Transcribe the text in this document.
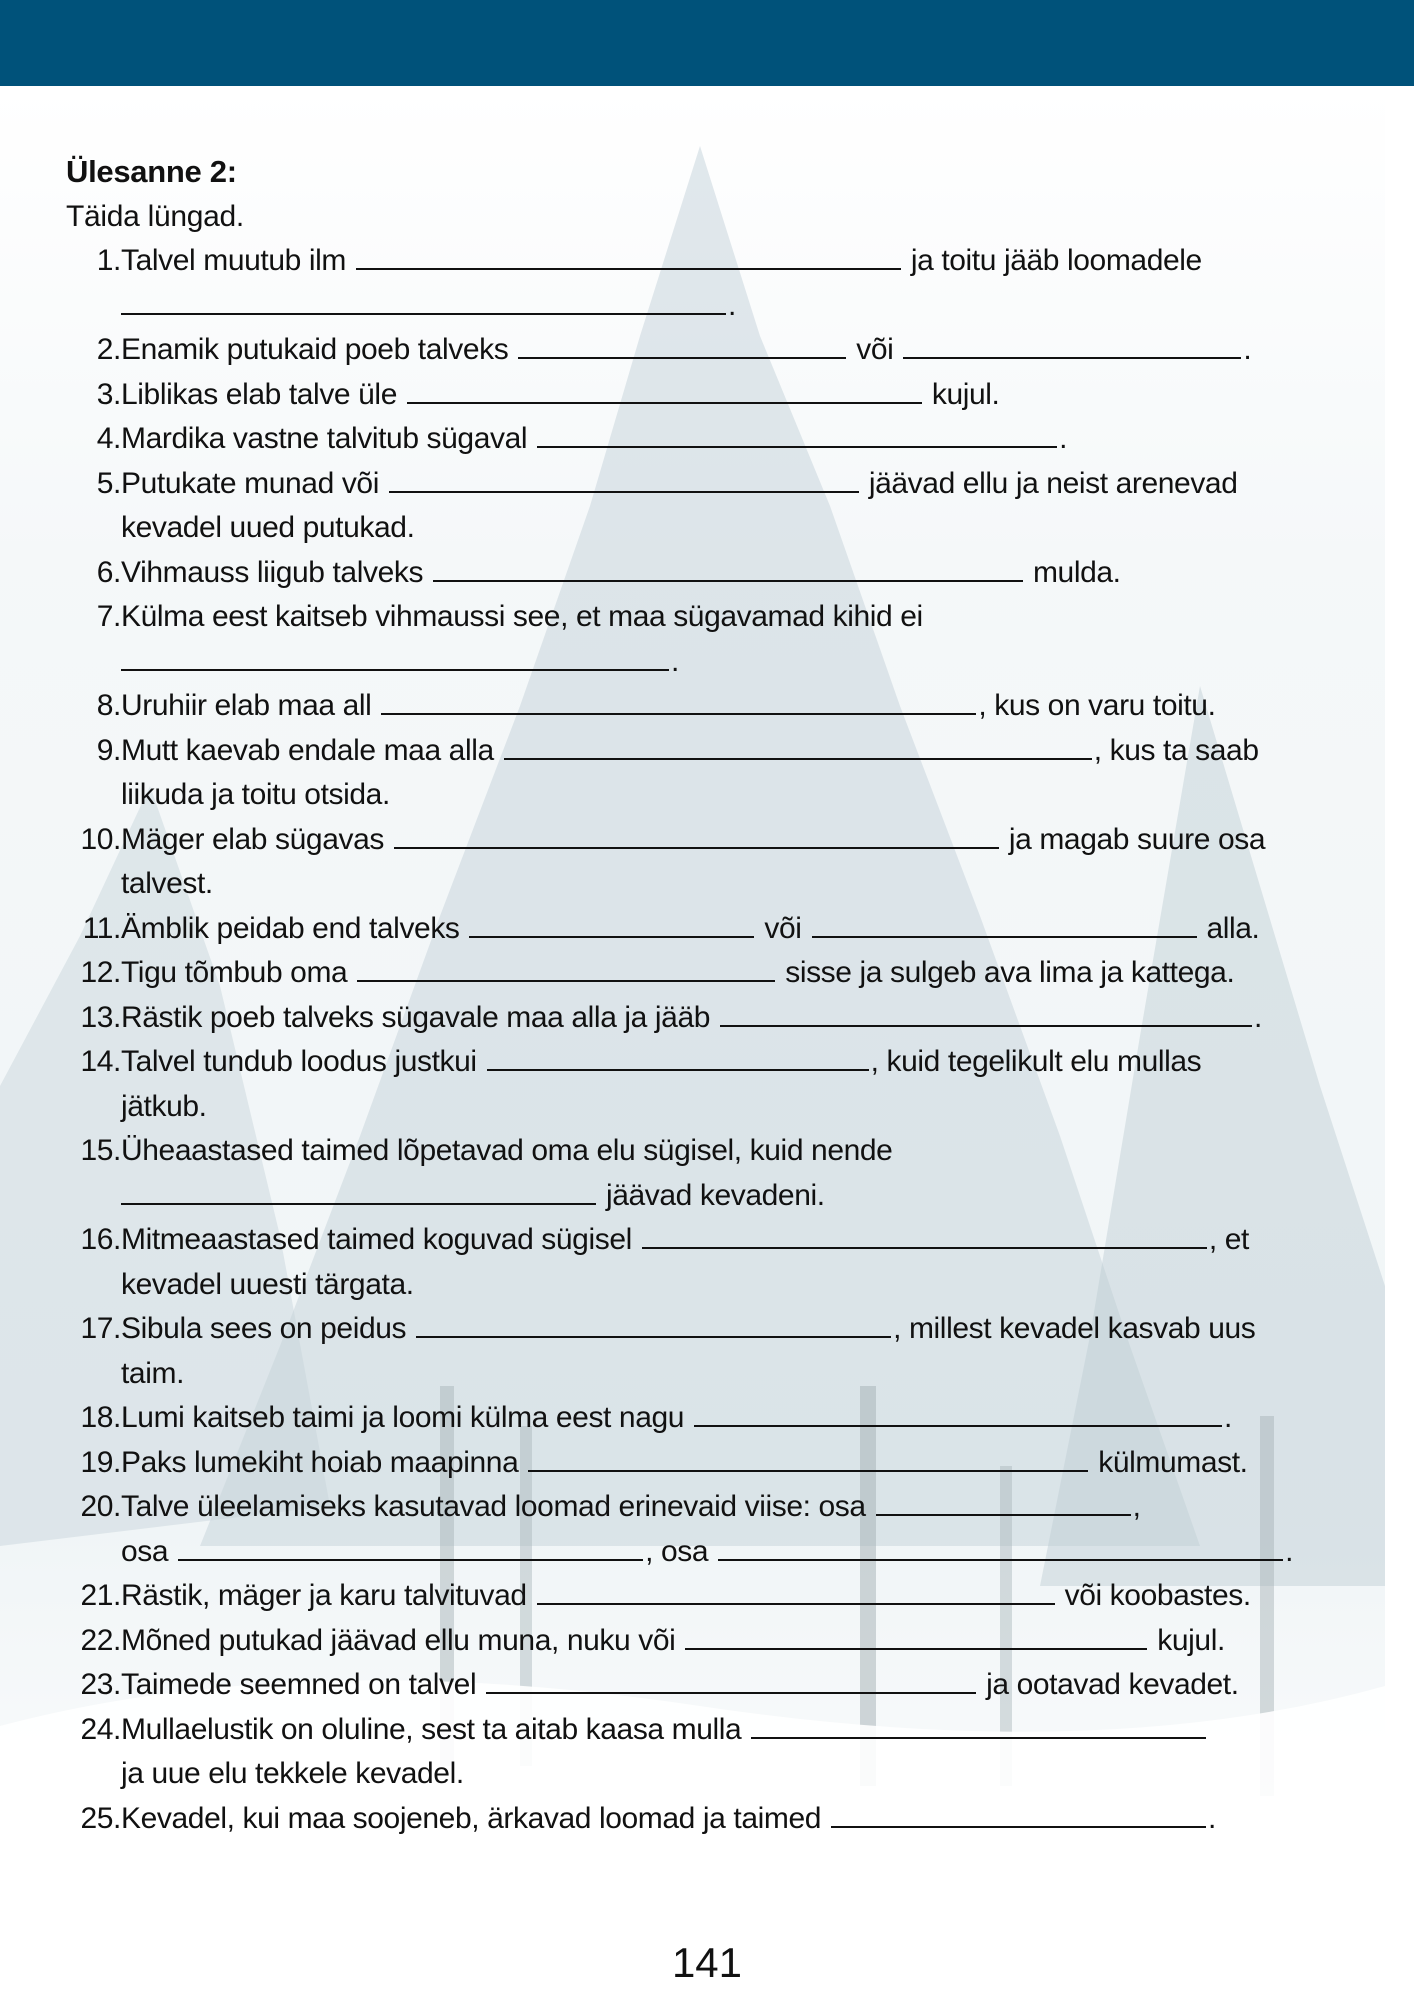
Ülesanne 2:
Täida lüngad.
1. Talvel muutub ilm	ja toitu jääb loomadele
.
2. Enamik putukaid poeb talveks	või	.
3. Liblikas elab talve üle	kujul.
4. Mardika vastne talvitub sügaval	.
5. Putukate munad või	jäävad ellu ja neist arenevad
kevadel uued putukad.
6. Vihmauss liigub talveks	mulda.
7. Külma eest kaitseb vihmaussi see, et maa sügavamad kihid ei
.
8. Uruhiir elab maa all	, kus on varu toitu.
9. Mutt kaevab endale maa alla	, kus ta saab
liikuda ja toitu otsida.
10. Mäger elab sügavas	ja magab suure osa
talvest.
11. Ämblik peidab end talveks	või	alla.
12. Tigu tõmbub oma	sisse ja sulgeb ava lima ja kattega.
13. Rästik poeb talveks sügavale maa alla ja jääb	.
14. Talvel tundub loodus justkui	, kuid tegelikult elu mullas
jätkub.
15. Üheaastased taimed lõpetavad oma elu sügisel, kuid nende
jäävad kevadeni.
16. Mitmeaastased taimed koguvad sügisel	, et
kevadel uuesti tärgata.
17. Sibula sees on peidus	, millest kevadel kasvab uus
taim.
18. Lumi kaitseb taimi ja loomi külma eest nagu	.
19. Paks lumekiht hoiab maapinna	külmumast.
20. Talve üleelamiseks kasutavad loomad erinevaid viise: osa	,
osa	, osa	.
21. Rästik, mäger ja karu talvituvad	või koobastes.
22. Mõned putukad jäävad ellu muna, nuku või	kujul.
23. Taimede seemned on talvel	ja ootavad kevadet.
24. Mullaelustik on oluline, sest ta aitab kaasa mulla
ja uue elu tekkele kevadel.
25. Kevadel, kui maa soojeneb, ärkavad loomad ja taimed	.
141
